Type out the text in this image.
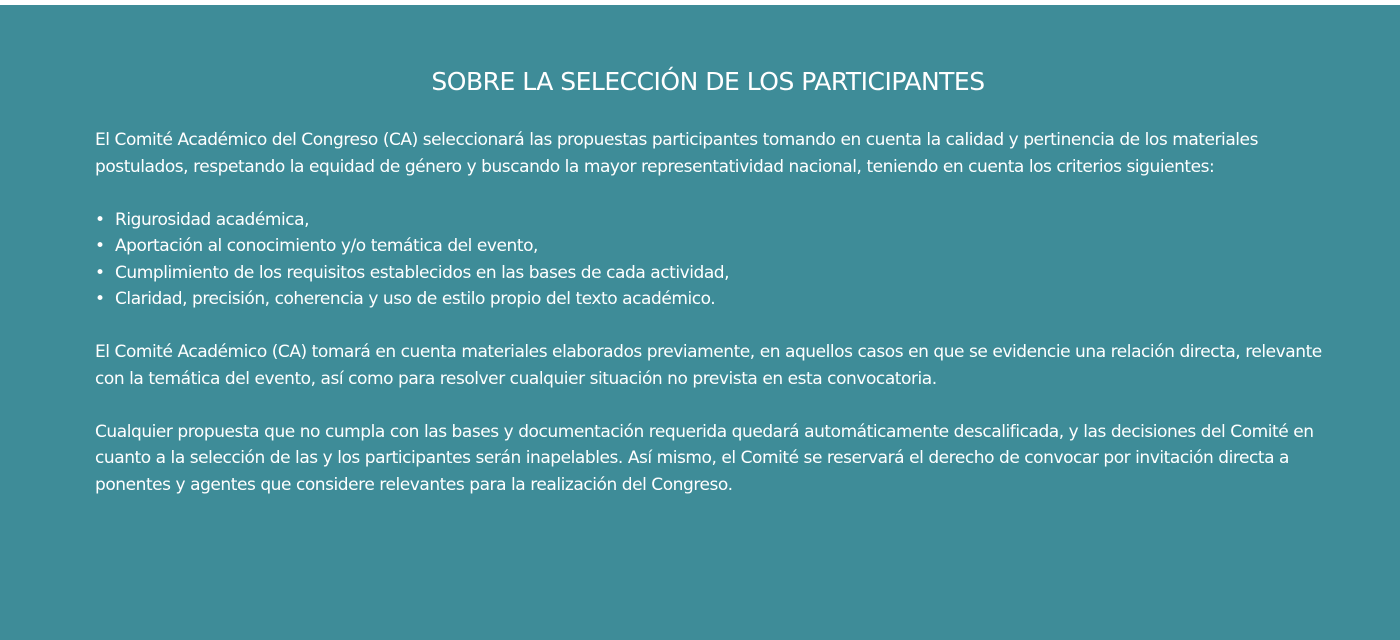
SOBRE LA SELECCIÓN DE LOS PARTICIPANTES

El Comité Académico del Congreso (CA) seleccionará las propuestas participantes tomando en cuenta la calidad y pertinencia de los materiales postulados, respetando la equidad de género y buscando la mayor representatividad nacional, teniendo en cuenta los criterios siguientes:

• Rigurosidad académica,
• Aportación al conocimiento y/o temática del evento,
• Cumplimiento de los requisitos establecidos en las bases de cada actividad,
• Claridad, precisión, coherencia y uso de estilo propio del texto académico.

El Comité Académico (CA) tomará en cuenta materiales elaborados previamente, en aquellos casos en que se evidencie una relación directa, relevante con la temática del evento, así como para resolver cualquier situación no prevista en esta convocatoria.

Cualquier propuesta que no cumpla con las bases y documentación requerida quedará automáticamente descalificada, y las decisiones del Comité en cuanto a la selección de las y los participantes serán inapelables. Así mismo, el Comité se reservará el derecho de convocar por invitación directa a ponentes y agentes que considere relevantes para la realización del Congreso.
